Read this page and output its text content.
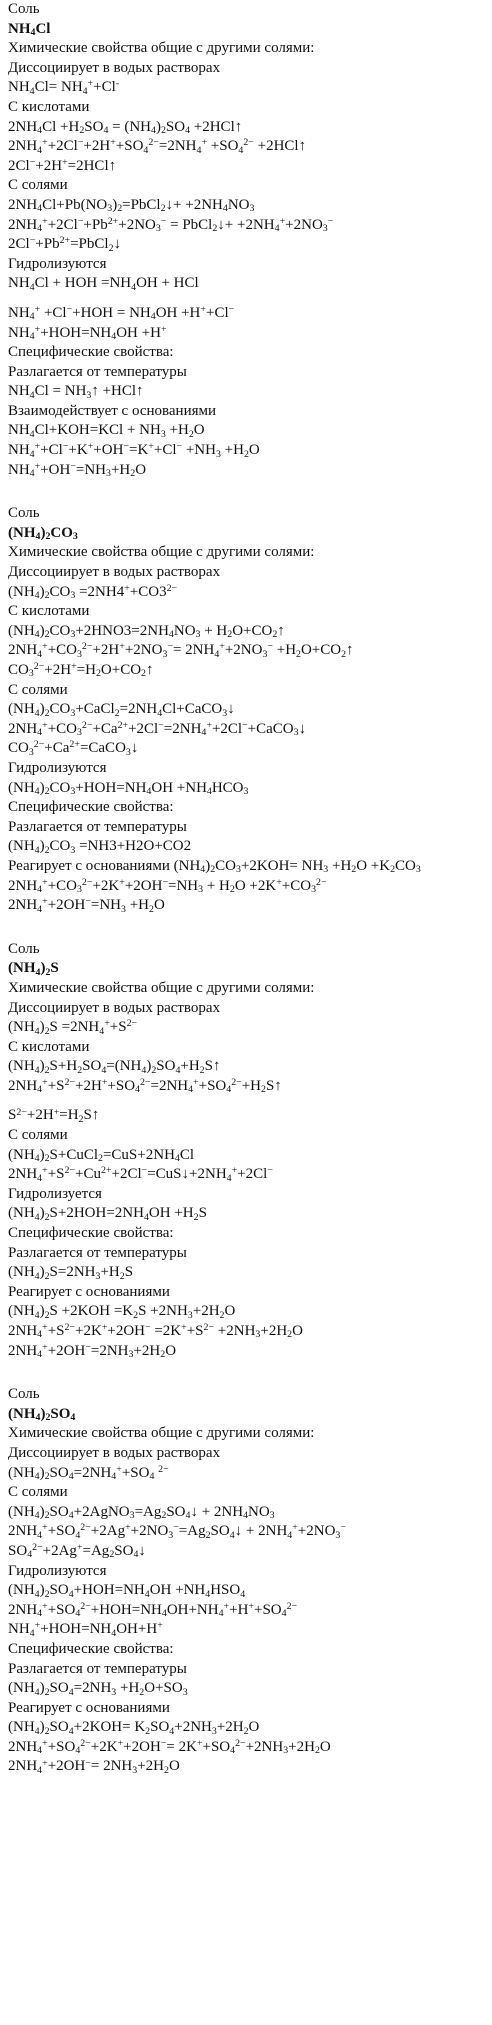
Соль
$NH_4Cl$
Химические свойства общие с другими солями:
Диссоциирует в водых растворах
$NH_4Cl= NH_4^++Cl^-$
С кислотами
$2NH_4Cl +H_2SO_4 = (NH_4)_2SO_4$ +2HCl↑
$2NH_4^++2Cl^-+2H^++SO_4^{2-}=2NH_4^+ +SO_4^{2-}$ +2HCl↑
2Cl−+2H+=2HCl↑
С солями
$2NH_4Cl+Pb(NO_3)_2=PbCl_2↓+ +2NH_4NO_3$
$2NH_4^++2Cl^-+Pb^{2+}+2NO_3^-$ = PbCl$_2$↓+ $+2NH_4^++2NO_3^-$
$2Cl^-+Pb^{2+}=PbCl_2↓$
Гидролизуются
$NH_4Cl$ + HOH $=NH_4OH$ + HCl
$NH_4^+ +Cl^-+HOH = NH_4OH +H^++Cl^-$
$NH_4^++HOH=NH_4OH +H^+$
Специфические свойства:
Разлагается от температуры
$NH_4Cl$ = $NH_3↑$ +HCl↑
Взаимодействует с основаниями
$NH_4Cl+KOH=KCl + NH_3 +H_2O$
$NH_4^++Cl^-+K^++OH^-=K^++Cl^- +NH_3 +H_2O$
$NH_4^++OH^-=NH_3+H_2O$
Соль
$(NH_4)_2CO_3$
Химические свойства общие с другими солями:
Диссоциирует в водых растворах
$(NH_4)_2CO_3 =2NH4^++CO3^{2-}$
С кислотами
$(NH_4)_2CO_3+2HNO3=2NH_4NO_3$ + $H_2O+CO_2↑$
$2NH_4^++CO_3^{2-}+2H^++2NO_3^-= 2NH_4^++2NO_3^-$ $+H_2O+CO_2↑$
$CO_3^{2-}+2H^+=H_2O+CO_2↑$
С солями
$(NH_4)_2CO_3+CaCl_2=2NH_4Cl+CaCO_3↓$
$2NH_4^++CO_3^{2-}+Ca^{2+}+2Cl^-=2NH_4^++2Cl^-+CaCO_3↓$
$CO_3^{2-}+Ca^{2+}=CaCO_3↓$
Гидролизуются
$(NH_4)_2CO_3+HOH=NH_4OH +NH_4HCO_3$
Специфические свойства:
Разлагается от температуры
$(NH_4)_2CO_3 =NH3+H2O+CO2$
Реагирует с основаниями $(NH_4)_2CO_3+2KOH= NH_3 +H_2O +K_2CO_3$
$2NH_4^++CO_3^{2-}+2K^++2OH^-=NH_3 + H_2O +2K^++CO_3^{2-}$
$2NH_4^++2OH^-=NH_3 +H_2O$
Соль
$(NH_4)_2S$
Химические свойства общие с другими солями:
Диссоциирует в водых растворах
$(NH_4)_2S =2NH_4^++S^{2-}$
С кислотами
$(NH_4)_2S+H_2SO_4=(NH_4)_2SO_4+H_2S↑$
$2NH_4^++S^{2-}+2H^++SO_4^{2-}=2NH_4^++SO_4^{2-}+H_2S↑$
$S^{2-}+2H^+=H_2S↑$
С солями
$(NH_4)_2S+CuCl_2=CuS+2NH_4Cl$
$2NH_4^++S^{2-}+Cu^{2+}+2Cl^-=CuS↓+2NH_4^++2Cl^-$
Гидролизуется
$(NH_4)_2S+2HOH=2NH_4OH +H_2S$
Специфические свойства:
Разлагается от температуры
$(NH_4)_2S=2NH_3+H_2S$
Реагирует с основаниями
$(NH_4)_2S +2KOH =K_2S +2NH_3+2H_2O$
$2NH_4^++S^{2-}+2K^++2OH^- =2K^++S^{2-} +2NH_3+2H_2O$
$2NH_4^++2OH^-=2NH_3+2H_2O$
Соль
$(NH_4)_2SO_4$
Химические свойства общие с другими солями:
Диссоциирует в водых растворах
$(NH_4)_2SO_4=2NH_4^++SO_4$ $^{2-}$
С солями
$(NH_4)_2SO_4+2AgNO_3=Ag_2SO_4↓ + 2NH_4NO_3$
$2NH_4^++SO_4^{2-}+2Ag^++2NO_3^-=Ag_2SO_4↓ + 2NH_4^++2NO_3^-$
$SO_4^{2-}+2Ag^+=Ag_2SO_4↓$
Гидролизуются
$(NH_4)_2SO_4+HOH=NH_4OH +NH_4HSO_4$
$2NH_4^++SO_4^{2-}+HOH=NH_4OH+NH_4^++H^++SO_4^{2-}$
$NH_4^++HOH=NH_4OH+H^+$
Специфические свойства:
Разлагается от температуры
$(NH_4)_2SO_4=2NH_3 +H_2O+SO_3$
Реагирует с основаниями
$(NH_4)_2SO_4+2KOH= K_2SO_4+2NH_3+2H_2O$
$2NH_4^++SO_4^{2-}+2K^++2OH^-= 2K^++SO_4^{2-}+2NH_3+2H_2O$
$2NH_4^++2OH^-= 2NH_3+2H_2O$
